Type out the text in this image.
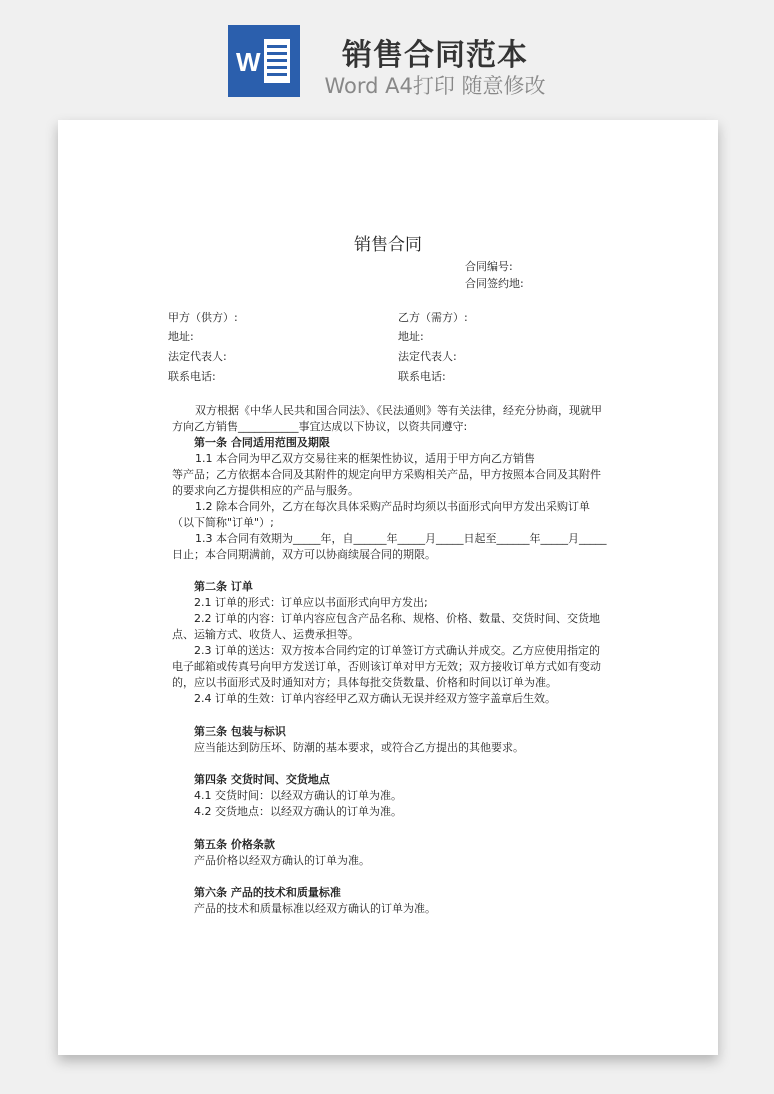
W	销售合同范本
Word A4打印 随意修改

销售合同
合同编号:
合同签约地:
甲方（供方）:
地址:
法定代表人:
联系电话:
乙方（需方）:
地址:
法定代表人:
联系电话:
双方根据《中华人民共和国合同法》、《民法通则》等有关法律，经充分协商，现就甲
方向乙方销售___________事宜达成以下协议，以资共同遵守:
第一条 合同适用范围及期限
1.1 本合同为甲乙双方交易往来的框架性协议，适用于甲方向乙方销售
等产品；乙方依据本合同及其附件的规定向甲方采购相关产品，甲方按照本合同及其附件
的要求向乙方提供相应的产品与服务。
1.2 除本合同外，乙方在每次具体采购产品时均须以书面形式向甲方发出采购订单
（以下简称"订单"）;
1.3 本合同有效期为_____年，自______年_____月_____日起至______年_____月_____
日止；本合同期满前，双方可以协商续展合同的期限。
第二条 订单
2.1 订单的形式：订单应以书面形式向甲方发出;
2.2 订单的内容：订单内容应包含产品名称、规格、价格、数量、交货时间、交货地
点、运输方式、收货人、运费承担等。
2.3 订单的送达：双方按本合同约定的订单签订方式确认并成交。乙方应使用指定的
电子邮箱或传真号向甲方发送订单，否则该订单对甲方无效；双方接收订单方式如有变动
的，应以书面形式及时通知对方；具体每批交货数量、价格和时间以订单为准。
2.4 订单的生效：订单内容经甲乙双方确认无误并经双方签字盖章后生效。
第三条 包装与标识
应当能达到防压坏、防潮的基本要求，或符合乙方提出的其他要求。
第四条 交货时间、交货地点
4.1 交货时间：以经双方确认的订单为准。
4.2 交货地点：以经双方确认的订单为准。
第五条 价格条款
产品价格以经双方确认的订单为准。
第六条 产品的技术和质量标准
产品的技术和质量标准以经双方确认的订单为准。
